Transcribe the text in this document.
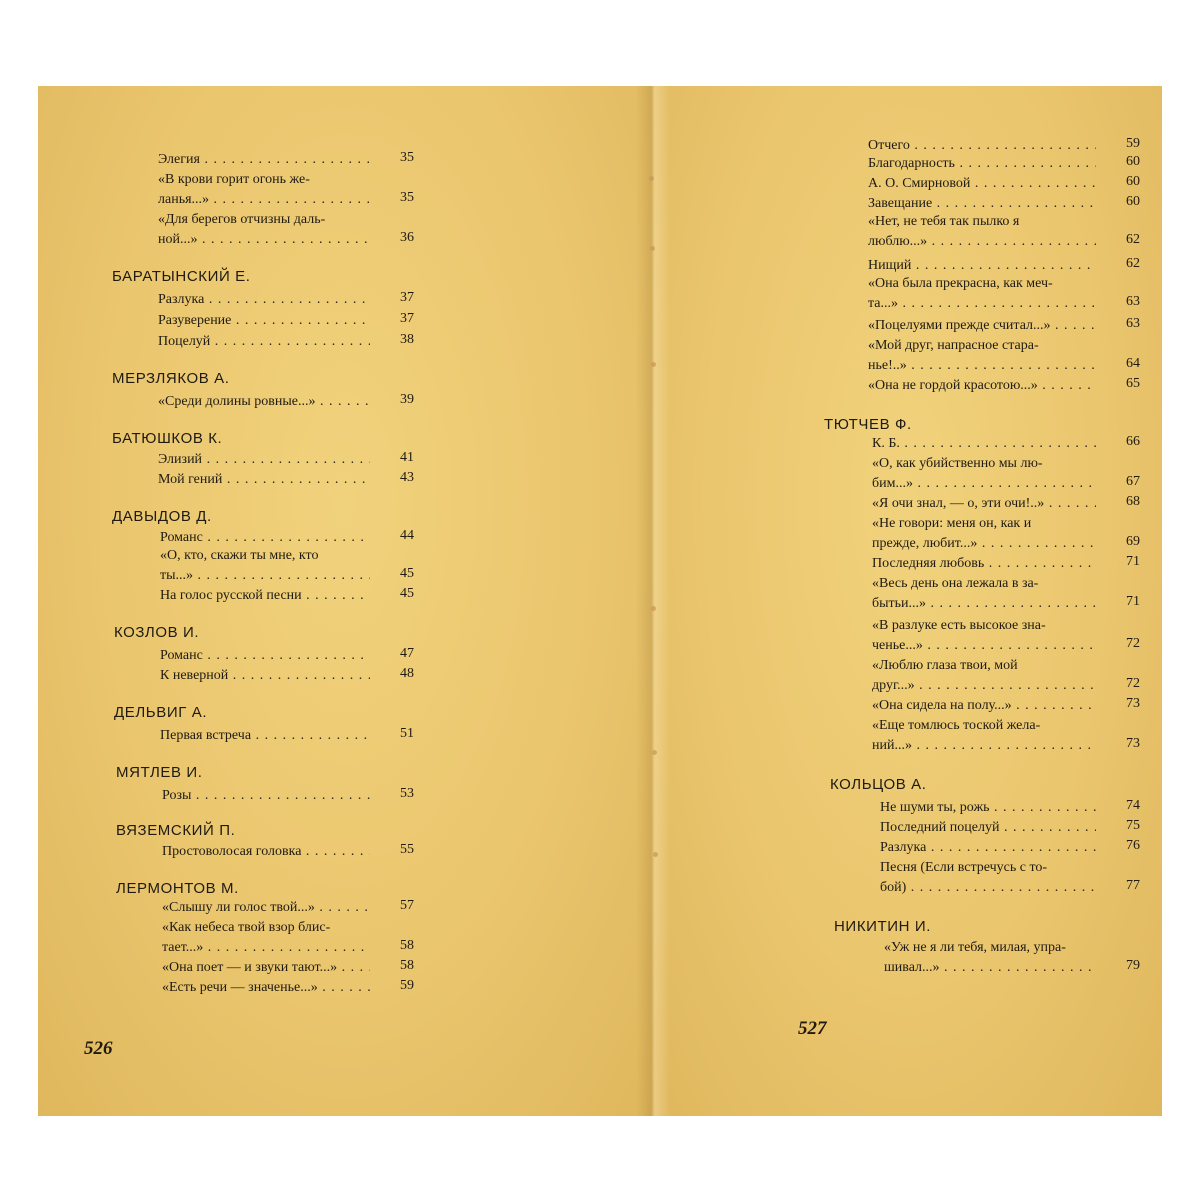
Элегия . .	35
«В крови горит огонь же-
ланья...» . .	35
«Для берегов отчизны даль-
ной...» . .	36
БАРАТЫНСКИЙ Е.
Разлука . .	37
Разуверение . .	37
Поцелуй . .	38
МЕРЗЛЯКОВ А.
«Среди долины ровные...» . .	39
БАТЮШКОВ К.
Элизий . .	41
Мой гений . .	43
ДАВЫДОВ Д.
Романс . .	44
«О, кто, скажи ты мне, кто
ты...» . .	45
На голос русской песни . .	45
КОЗЛОВ И.
Романс . .	47
К неверной . .	48
ДЕЛЬВИГ А.
Первая встреча . .	51
МЯТЛЕВ И.
Розы . .	53
ВЯЗЕМСКИЙ П.
Простоволосая головка . .	55
ЛЕРМОНТОВ М.
«Слышу ли голос твой...» . .	57
«Как небеса твой взор блис-
тает...» . .	58
«Она поет — и звуки тают...» . .	58
«Есть речи — значенье...» . .	59
526
Отчего . .	59
Благодарность . .	60
А. О. Смирновой . .	60
Завещание . .	60
«Нет, не тебя так пылко я
люблю...» . .	62
Нищий . .	62
«Она была прекрасна, как меч-
та...» . .	63
«Поцелуями прежде считал...» . .	63
«Мой друг, напрасное стара-
нье!..» . .	64
«Она не гордой красотою...» . .	65
ТЮТЧЕВ Ф.
К. Б. . .	66
«О, как убийственно мы лю-
бим...» . .	67
«Я очи знал, — о, эти очи!..» . .	68
«Не говори: меня он, как и
прежде, любит...» . .	69
Последняя любовь . .	71
«Весь день она лежала в за-
бытьи...» . .	71
«В разлуке есть высокое зна-
ченье...» . .	72
«Люблю глаза твои, мой
друг...» . .	72
«Она сидела на полу...» . .	73
«Еще томлюсь тоской жела-
ний...» . .	73
КОЛЬЦОВ А.
Не шуми ты, рожь . .	74
Последний поцелуй . .	75
Разлука . .	76
Песня (Если встречусь с то-
бой) . .	77
НИКИТИН И.
«Уж не я ли тебя, милая, упра-
шивал...» . .	79
527
